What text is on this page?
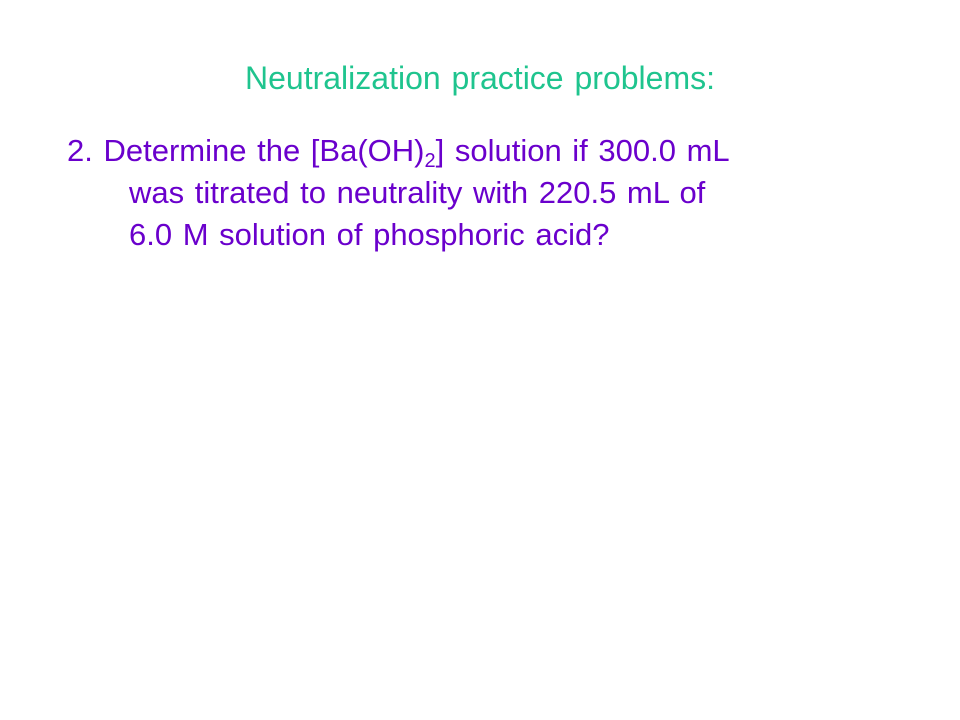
Neutralization practice problems:
2. Determine the $[Ba(OH)_2]$ solution if 300.0 mL
was titrated to neutrality with 220.5 mL of
6.0 M solution of phosphoric acid?
